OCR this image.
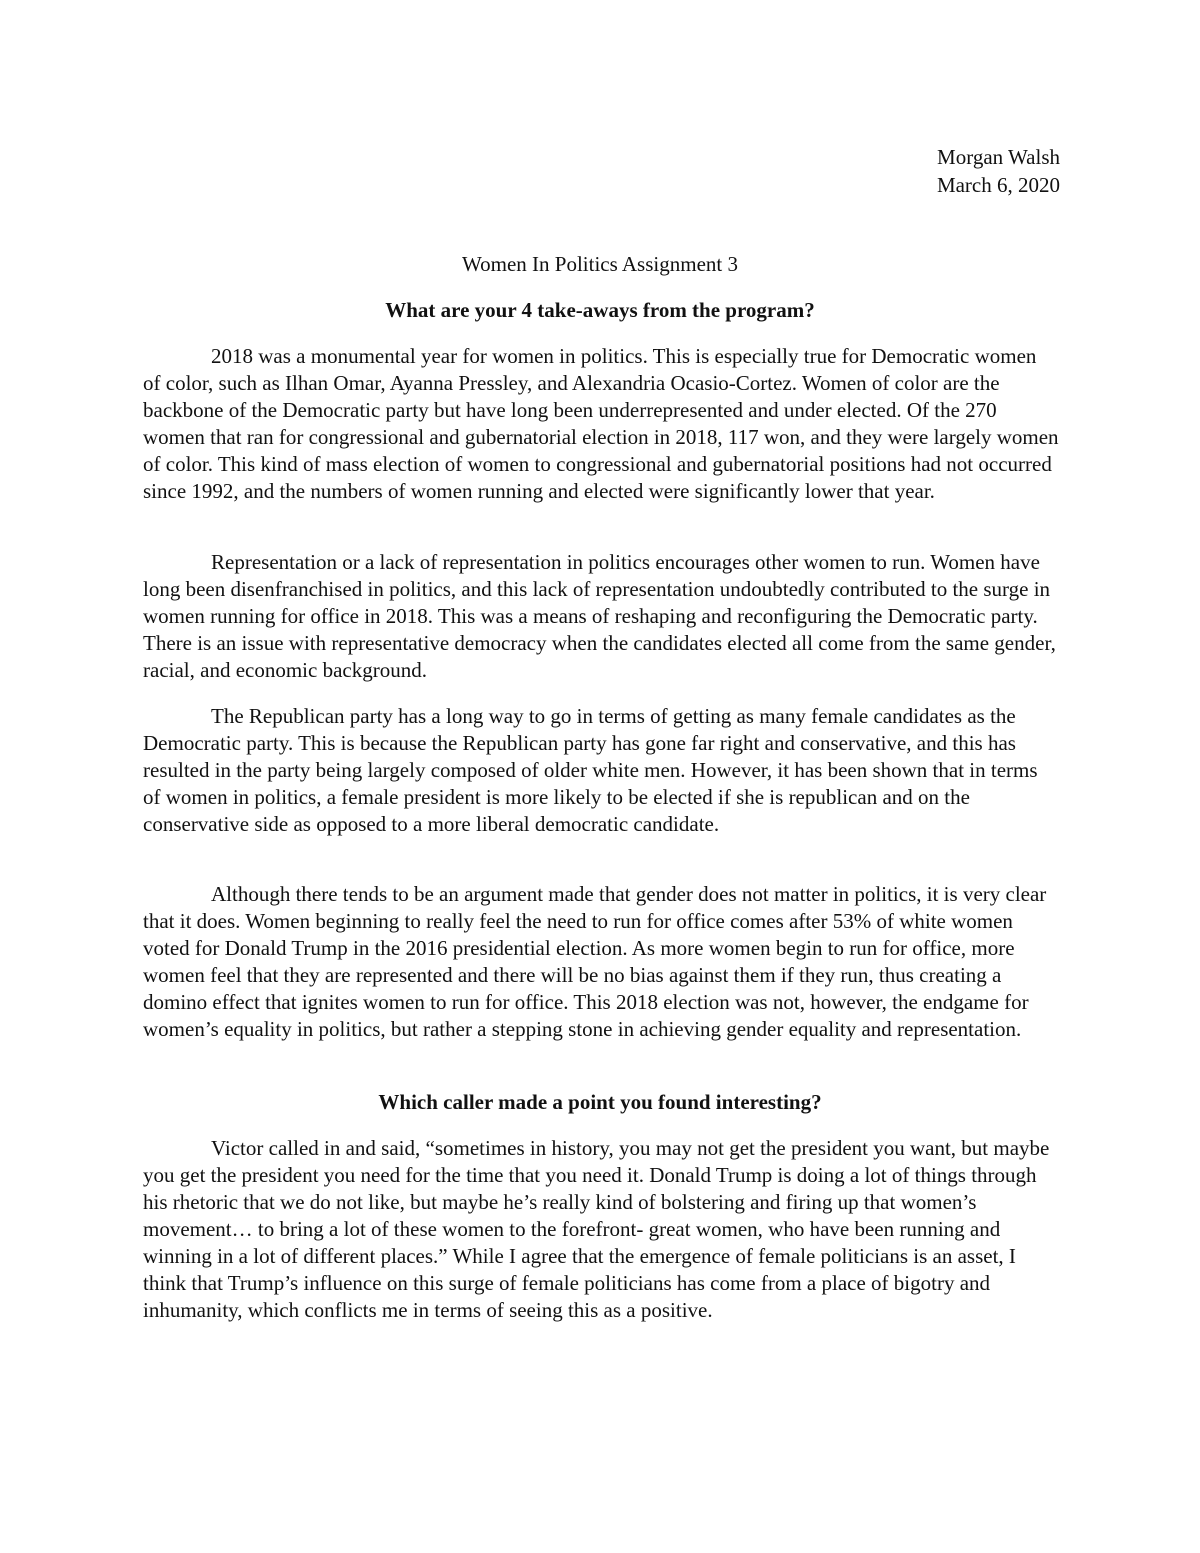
Morgan Walsh
March 6, 2020

Women In Politics Assignment 3

What are your 4 take-aways from the program?

2018 was a monumental year for women in politics. This is especially true for Democratic women of color, such as Ilhan Omar, Ayanna Pressley, and Alexandria Ocasio-Cortez. Women of color are the backbone of the Democratic party but have long been underrepresented and under elected. Of the 270 women that ran for congressional and gubernatorial election in 2018, 117 won, and they were largely women of color. This kind of mass election of women to congressional and gubernatorial positions had not occurred since 1992, and the numbers of women running and elected were significantly lower that year.

Representation or a lack of representation in politics encourages other women to run. Women have long been disenfranchised in politics, and this lack of representation undoubtedly contributed to the surge in women running for office in 2018. This was a means of reshaping and reconfiguring the Democratic party. There is an issue with representative democracy when the candidates elected all come from the same gender, racial, and economic background.

The Republican party has a long way to go in terms of getting as many female candidates as the Democratic party. This is because the Republican party has gone far right and conservative, and this has resulted in the party being largely composed of older white men. However, it has been shown that in terms of women in politics, a female president is more likely to be elected if she is republican and on the conservative side as opposed to a more liberal democratic candidate.

Although there tends to be an argument made that gender does not matter in politics, it is very clear that it does. Women beginning to really feel the need to run for office comes after 53% of white women voted for Donald Trump in the 2016 presidential election. As more women begin to run for office, more women feel that they are represented and there will be no bias against them if they run, thus creating a domino effect that ignites women to run for office. This 2018 election was not, however, the endgame for women’s equality in politics, but rather a stepping stone in achieving gender equality and representation.

Which caller made a point you found interesting?

Victor called in and said, “sometimes in history, you may not get the president you want, but maybe you get the president you need for the time that you need it. Donald Trump is doing a lot of things through his rhetoric that we do not like, but maybe he’s really kind of bolstering and firing up that women’s movement… to bring a lot of these women to the forefront- great women, who have been running and winning in a lot of different places.” While I agree that the emergence of female politicians is an asset, I think that Trump’s influence on this surge of female politicians has come from a place of bigotry and inhumanity, which conflicts me in terms of seeing this as a positive.
